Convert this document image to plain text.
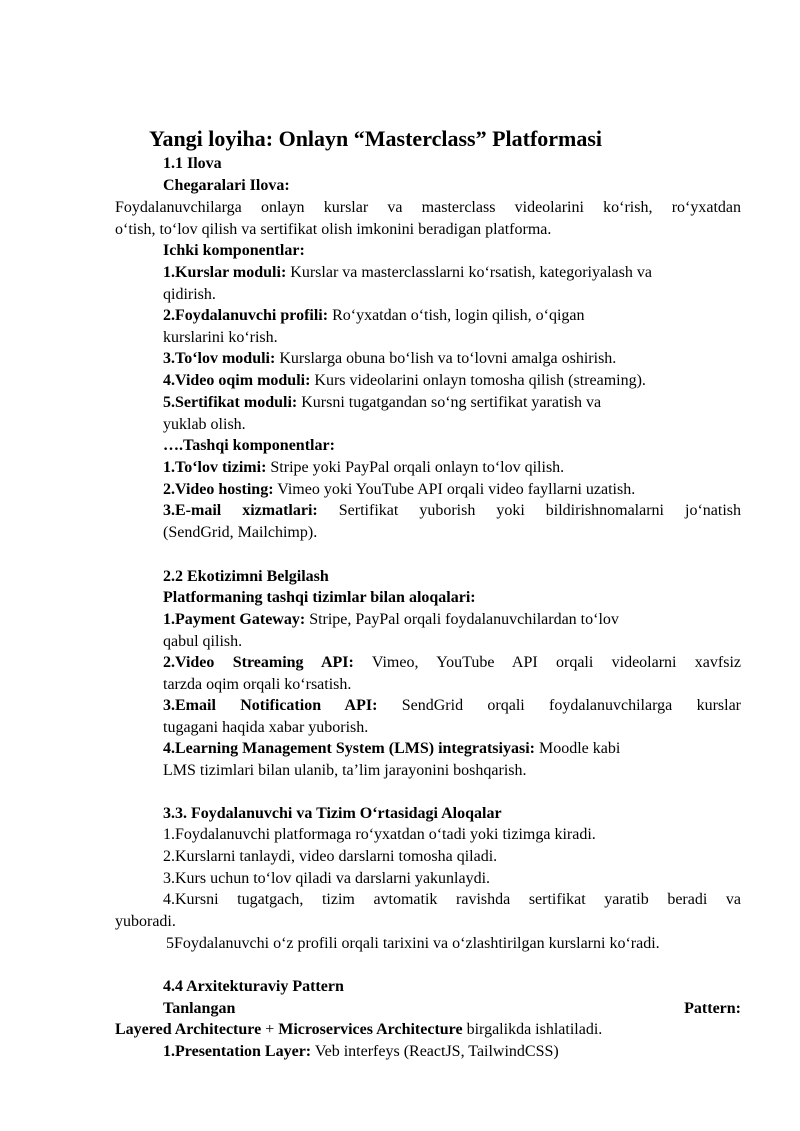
Yangi loyiha: Onlayn “Masterclass” Platformasi
1.1 Ilova
Chegaralari Ilova:
Foydalanuvchilarga onlayn kurslar va masterclass videolarini ko‘rish, ro‘yxatdan
o‘tish, to‘lov qilish va sertifikat olish imkonini beradigan platforma.
Ichki komponentlar:
1.Kurslar moduli: Kurslar va masterclasslarni ko‘rsatish, kategoriyalash va
qidirish.
2.Foydalanuvchi profili: Ro‘yxatdan o‘tish, login qilish, o‘qigan
kurslarini ko‘rish.
3.To‘lov moduli: Kurslarga obuna bo‘lish va to‘lovni amalga oshirish.
4.Video oqim moduli: Kurs videolarini onlayn tomosha qilish (streaming).
5.Sertifikat moduli: Kursni tugatgandan so‘ng sertifikat yaratish va
yuklab olish.
….Tashqi komponentlar:
1.To‘lov tizimi: Stripe yoki PayPal orqali onlayn to‘lov qilish.
2.Video hosting: Vimeo yoki YouTube API orqali video fayllarni uzatish.
3.E-mail xizmatlari: Sertifikat yuborish yoki bildirishnomalarni jo‘natish
(SendGrid, Mailchimp).
2.2 Ekotizimni Belgilash
Platformaning tashqi tizimlar bilan aloqalari:
1.Payment Gateway: Stripe, PayPal orqali foydalanuvchilardan to‘lov
qabul qilish.
2.Video Streaming API: Vimeo, YouTube API orqali videolarni xavfsiz
tarzda oqim orqali ko‘rsatish.
3.Email Notification API: SendGrid orqali foydalanuvchilarga kurslar
tugagani haqida xabar yuborish.
4.Learning Management System (LMS) integratsiyasi: Moodle kabi
LMS tizimlari bilan ulanib, ta’lim jarayonini boshqarish.
3.3. Foydalanuvchi va Tizim O‘rtasidagi Aloqalar
1.Foydalanuvchi platformaga ro‘yxatdan o‘tadi yoki tizimga kiradi.
2.Kurslarni tanlaydi, video darslarni tomosha qiladi.
3.Kurs uchun to‘lov qiladi va darslarni yakunlaydi.
4.Kursni tugatgach, tizim avtomatik ravishda sertifikat yaratib beradi va
yuboradi.
5Foydalanuvchi o‘z profili orqali tarixini va o‘zlashtirilgan kurslarni ko‘radi.
4.4 Arxitekturaviy Pattern
Tanlangan	Pattern:
Layered Architecture + Microservices Architecture birgalikda ishlatiladi.
1.Presentation Layer: Veb interfeys (ReactJS, TailwindCSS)
